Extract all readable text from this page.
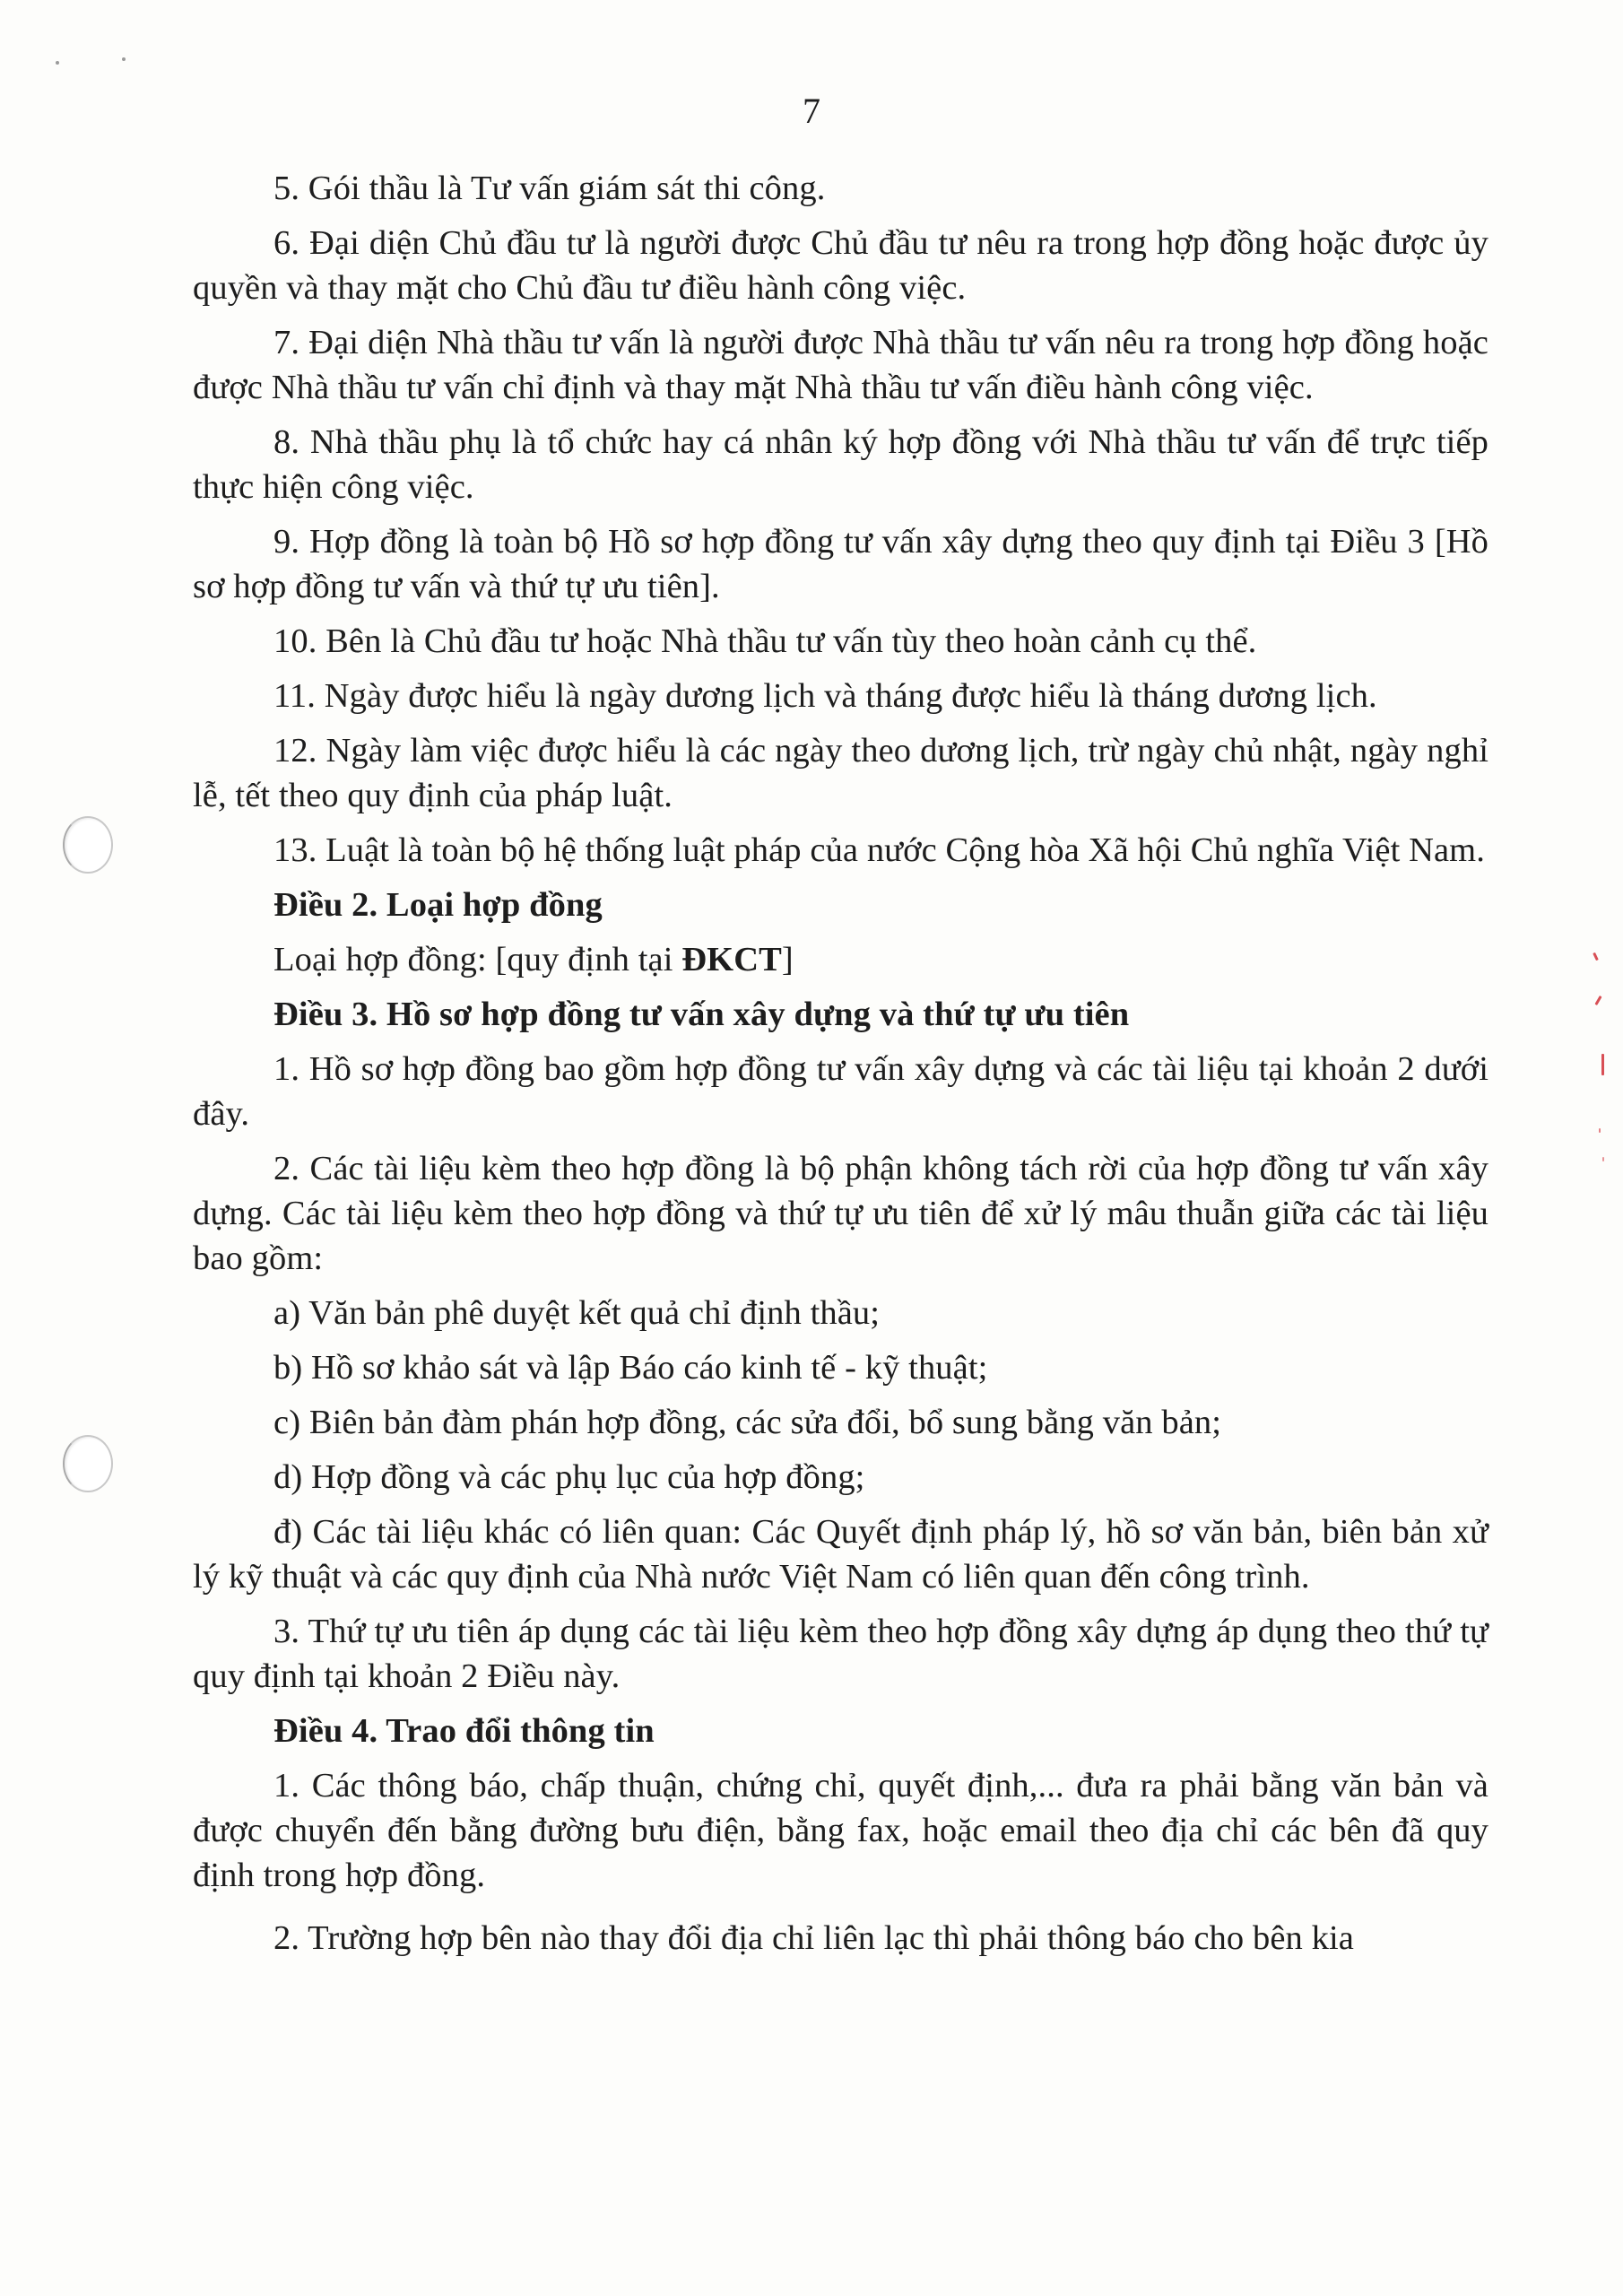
7

5. Gói thầu là Tư vấn giám sát thi công.

6. Đại diện Chủ đầu tư là người được Chủ đầu tư nêu ra trong hợp đồng hoặc được ủy quyền và thay mặt cho Chủ đầu tư điều hành công việc.

7. Đại diện Nhà thầu tư vấn là người được Nhà thầu tư vấn nêu ra trong hợp đồng hoặc được Nhà thầu tư vấn chỉ định và thay mặt Nhà thầu tư vấn điều hành công việc.

8. Nhà thầu phụ là tổ chức hay cá nhân ký hợp đồng với Nhà thầu tư vấn để trực tiếp thực hiện công việc.

9. Hợp đồng là toàn bộ Hồ sơ hợp đồng tư vấn xây dựng theo quy định tại Điều 3 [Hồ sơ hợp đồng tư vấn và thứ tự ưu tiên].

10. Bên là Chủ đầu tư hoặc Nhà thầu tư vấn tùy theo hoàn cảnh cụ thể.

11. Ngày được hiểu là ngày dương lịch và tháng được hiểu là tháng dương lịch.

12. Ngày làm việc được hiểu là các ngày theo dương lịch, trừ ngày chủ nhật, ngày nghỉ lễ, tết theo quy định của pháp luật.

13. Luật là toàn bộ hệ thống luật pháp của nước Cộng hòa Xã hội Chủ nghĩa Việt Nam.

Điều 2. Loại hợp đồng

Loại hợp đồng: [quy định tại ĐKCT]

Điều 3. Hồ sơ hợp đồng tư vấn xây dựng và thứ tự ưu tiên

1. Hồ sơ hợp đồng bao gồm hợp đồng tư vấn xây dựng và các tài liệu tại khoản 2 dưới đây.

2. Các tài liệu kèm theo hợp đồng là bộ phận không tách rời của hợp đồng tư vấn xây dựng. Các tài liệu kèm theo hợp đồng và thứ tự ưu tiên để xử lý mâu thuẫn giữa các tài liệu bao gồm:

a) Văn bản phê duyệt kết quả chỉ định thầu;

b) Hồ sơ khảo sát và lập Báo cáo kinh tế - kỹ thuật;

c) Biên bản đàm phán hợp đồng, các sửa đổi, bổ sung bằng văn bản;

d) Hợp đồng và các phụ lục của hợp đồng;

đ) Các tài liệu khác có liên quan: Các Quyết định pháp lý, hồ sơ văn bản, biên bản xử lý kỹ thuật và các quy định của Nhà nước Việt Nam có liên quan đến công trình.

3. Thứ tự ưu tiên áp dụng các tài liệu kèm theo hợp đồng xây dựng áp dụng theo thứ tự quy định tại khoản 2 Điều này.

Điều 4. Trao đổi thông tin

1. Các thông báo, chấp thuận, chứng chỉ, quyết định,... đưa ra phải bằng văn bản và được chuyển đến bằng đường bưu điện, bằng fax, hoặc email theo địa chỉ các bên đã quy định trong hợp đồng.

2. Trường hợp bên nào thay đổi địa chỉ liên lạc thì phải thông báo cho bên kia
